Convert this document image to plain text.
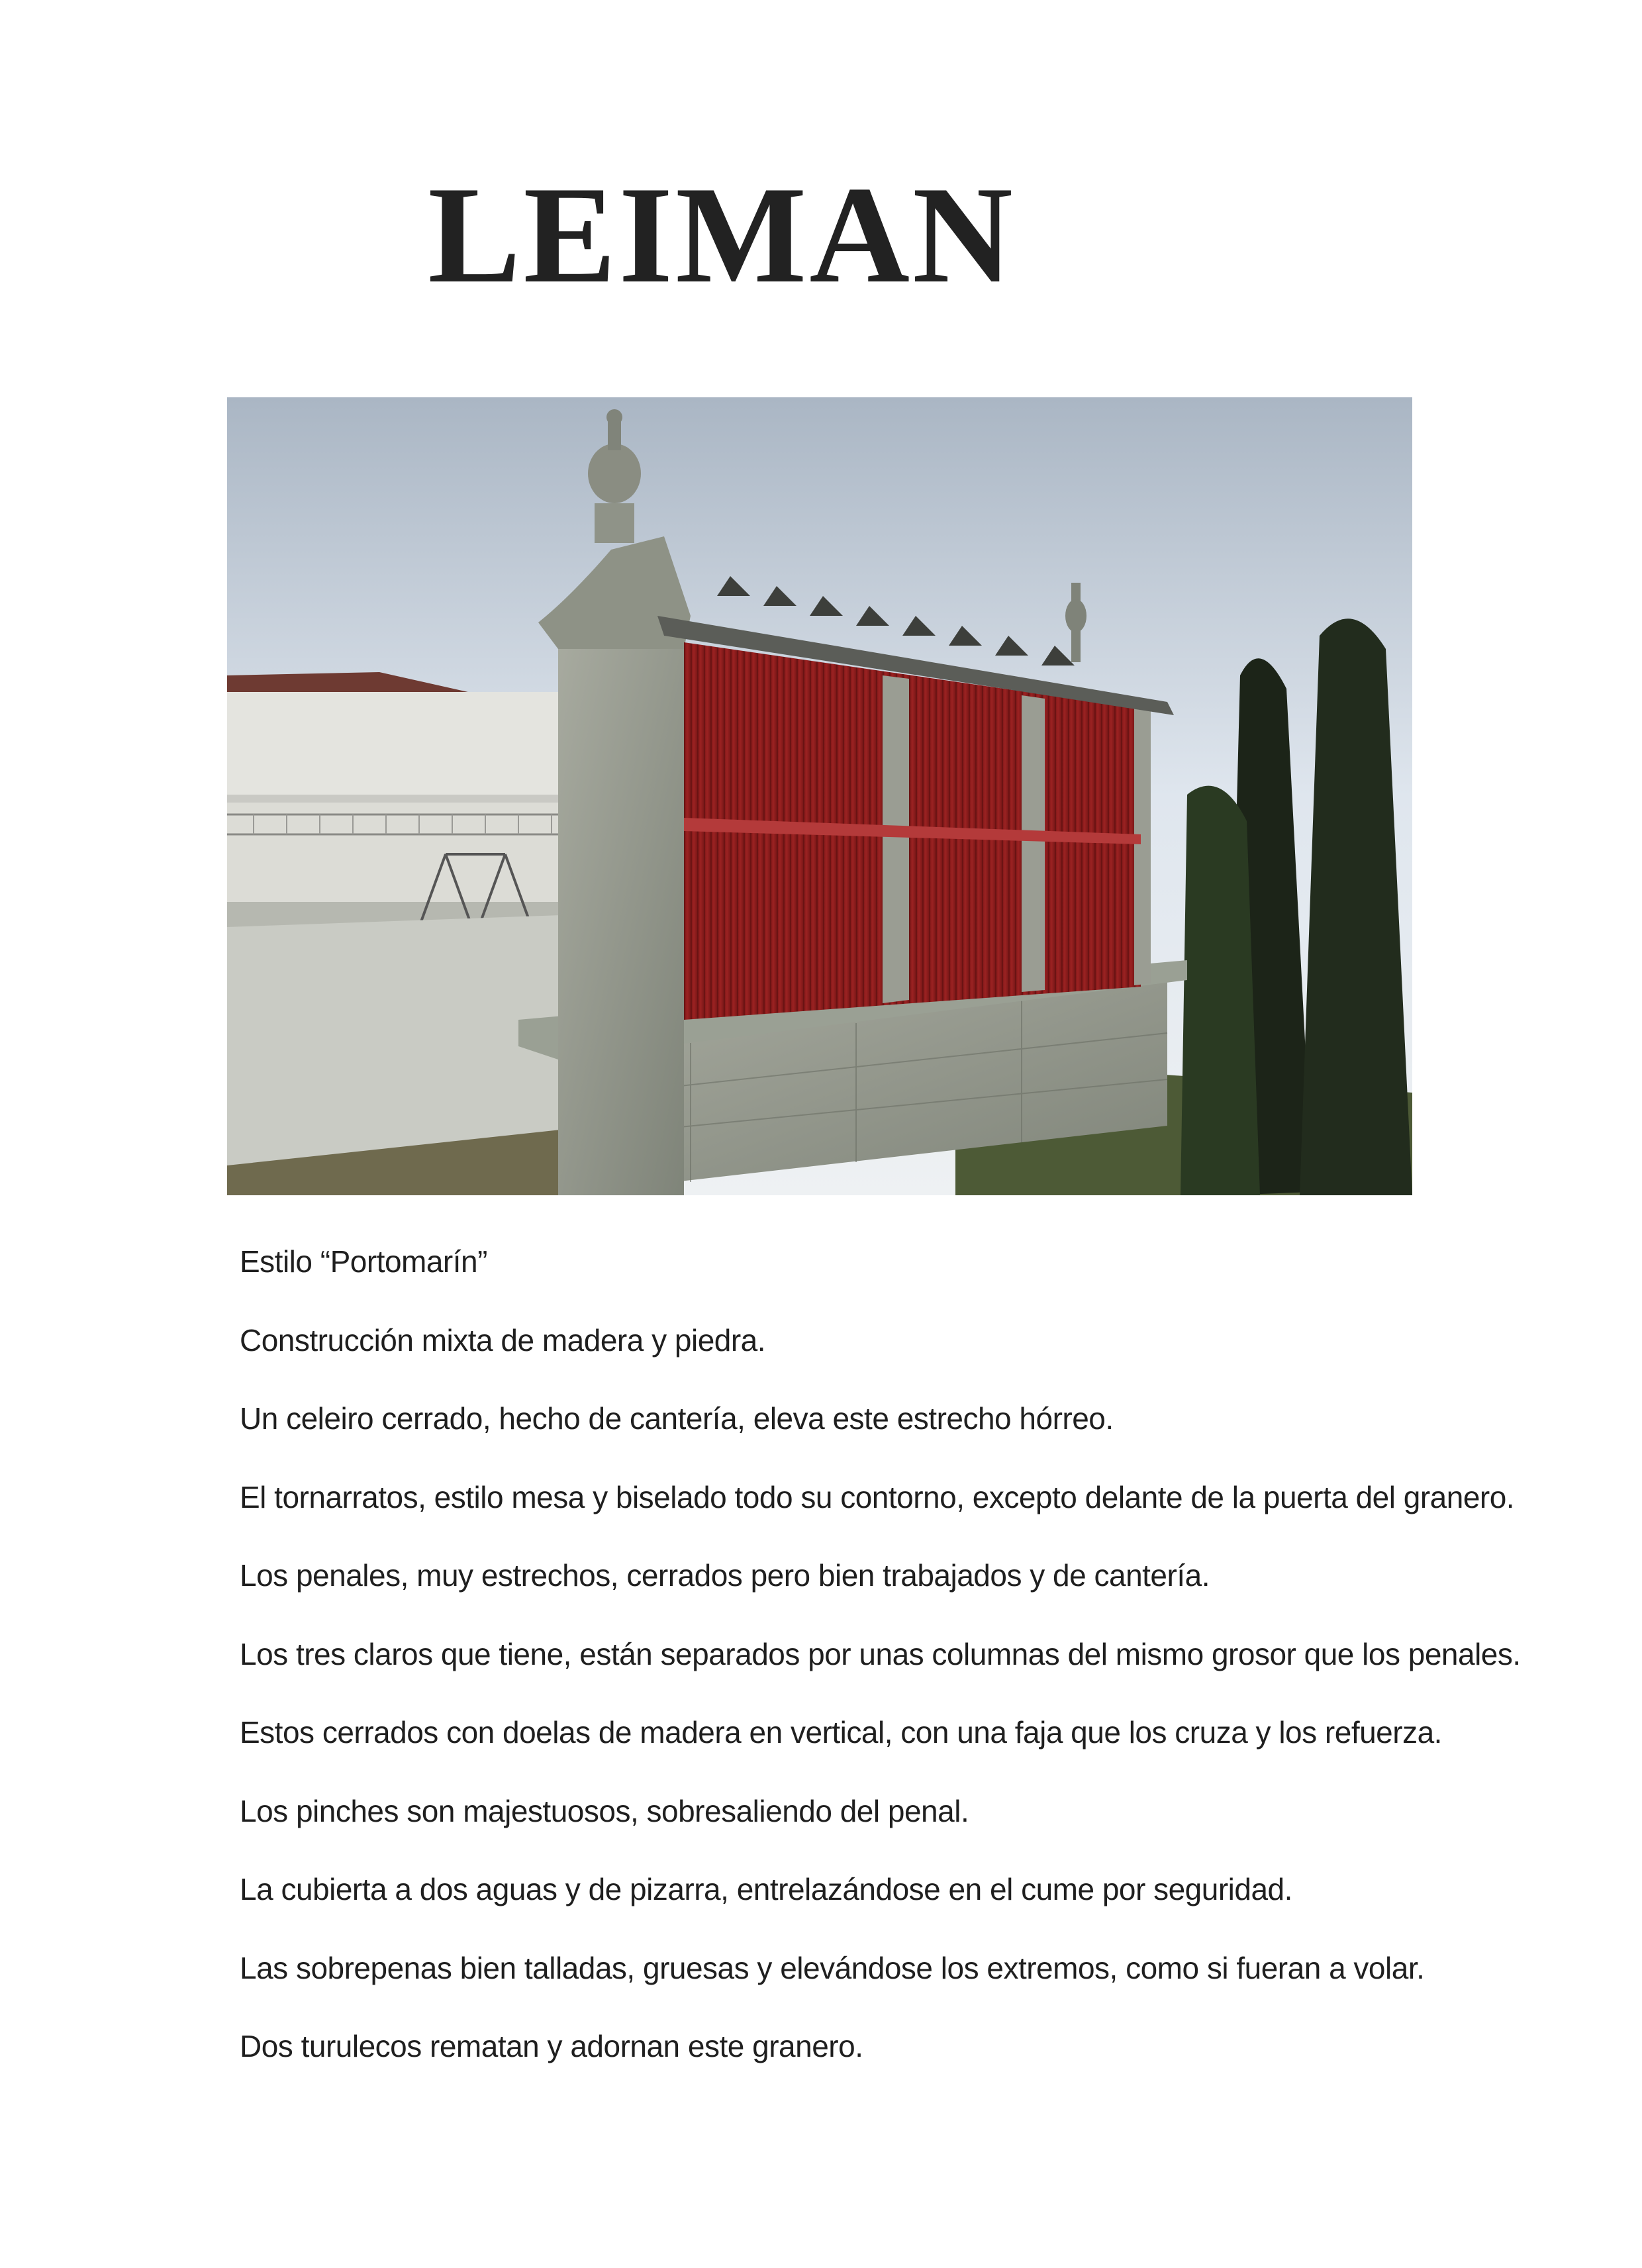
LEIMAN
Estilo “Portomarín”
Construcción mixta de madera y piedra.
Un celeiro cerrado, hecho de cantería, eleva este estrecho hórreo.
El tornarratos, estilo mesa y biselado todo su contorno, excepto delante de la puerta del granero.
Los penales, muy estrechos, cerrados pero bien trabajados y de cantería.
Los tres claros que tiene, están separados por unas columnas del mismo grosor que los penales.
Estos cerrados con doelas de madera en vertical, con una faja que los cruza y los refuerza.
Los pinches son majestuosos, sobresaliendo del penal.
La cubierta a dos aguas y de pizarra, entrelazándose en el cume por seguridad.
Las sobrepenas bien talladas, gruesas y elevándose los extremos, como si fueran a volar.
Dos turulecos rematan y adornan este granero.
